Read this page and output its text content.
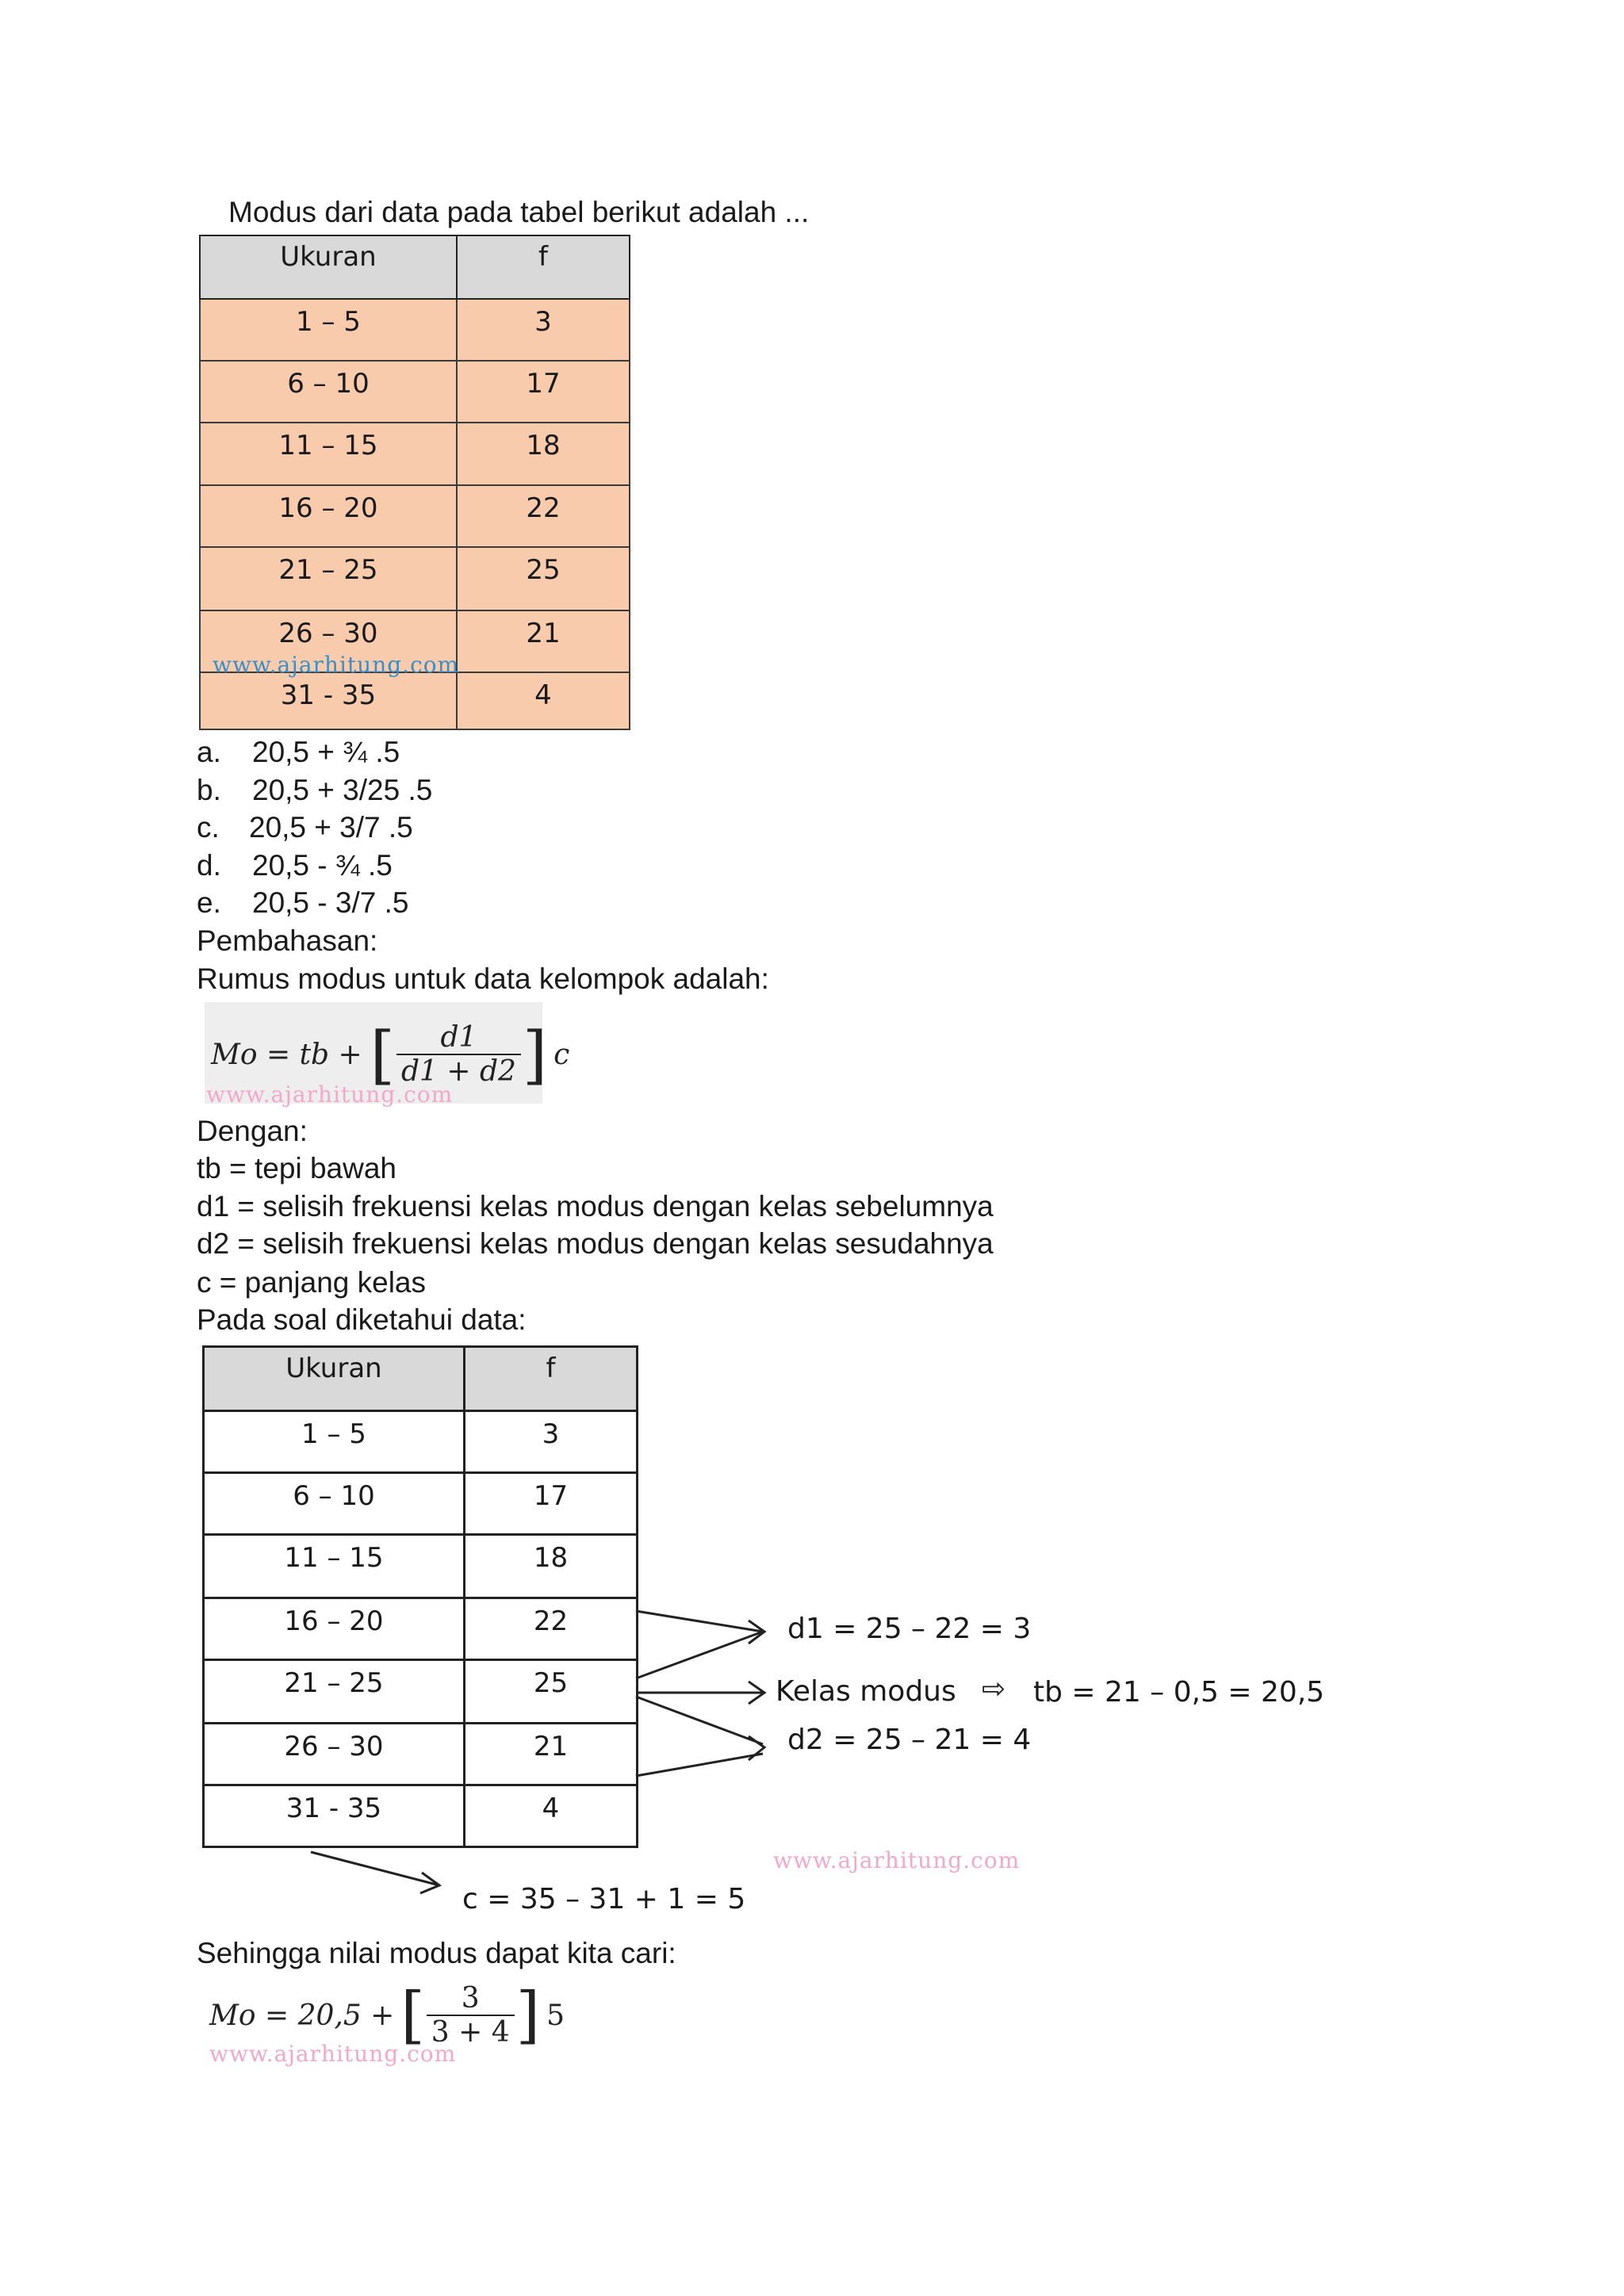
Modus dari data pada tabel berikut adalah ...
Ukuran	f
1 – 5	3
6 – 10	17
11 – 15	18
16 – 20	22
21 – 25	25
26 – 30	21
31 - 35	4
www.ajarhitung.com
a. 20,5 + ¾ .5
b. 20,5 + 3/25 .5
c. 20,5 + 3/7 .5
d. 20,5 - ¾ .5
e. 20,5 - 3/7 .5
Pembahasan:
Rumus modus untuk data kelompok adalah:
Mo = tb + [ $\frac{d1}{d1 + d2}$ ] c
www.ajarhitung.com
Dengan:
tb = tepi bawah
d1 = selisih frekuensi kelas modus dengan kelas sebelumnya
d2 = selisih frekuensi kelas modus dengan kelas sesudahnya
c = panjang kelas
Pada soal diketahui data:
Ukuran	f
1 – 5	3
6 – 10	17
11 – 15	18
16 – 20	22
21 – 25	25
26 – 30	21
31 - 35	4
d1 = 25 – 22 = 3
Kelas modus ⇨ tb = 21 – 0,5 = 20,5
d2 = 25 – 21 = 4
c = 35 – 31 + 1 = 5
www.ajarhitung.com
Sehingga nilai modus dapat kita cari:
Mo = 20,5 + [ $\frac{3}{3 + 4}$ ] 5
www.ajarhitung.com
